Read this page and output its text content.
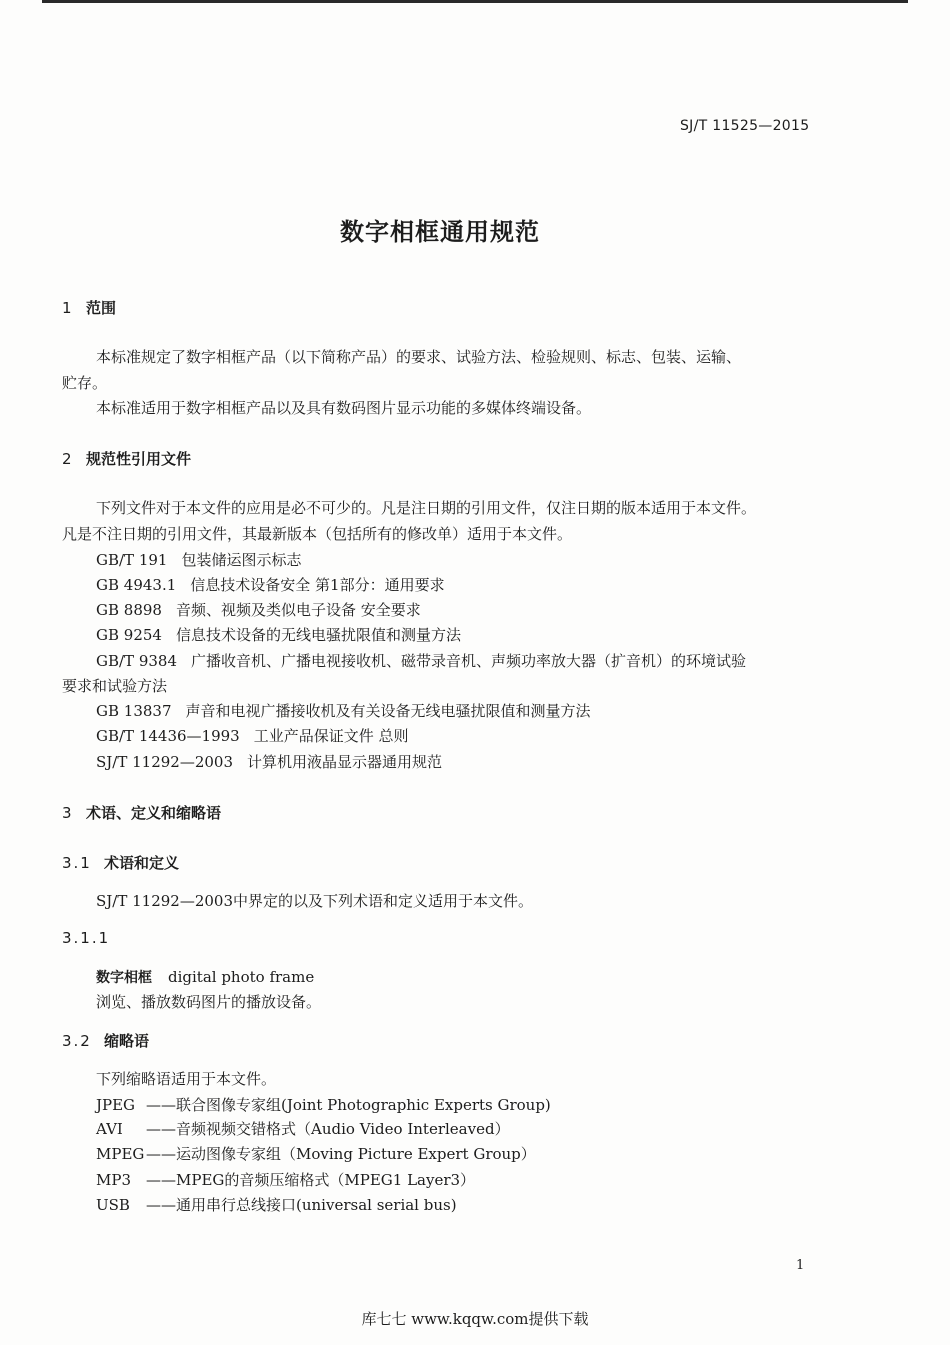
SJ/T 11525—2015
数字相框通用规范
1 范围
本标准规定了数字相框产品（以下简称产品）的要求、试验方法、检验规则、标志、包装、运输、
贮存。
本标准适用于数字相框产品以及具有数码图片显示功能的多媒体终端设备。
2 规范性引用文件
下列文件对于本文件的应用是必不可少的。凡是注日期的引用文件，仅注日期的版本适用于本文件。
凡是不注日期的引用文件，其最新版本（包括所有的修改单）适用于本文件。
GB/T 191 包装储运图示标志
GB 4943.1 信息技术设备安全 第1部分：通用要求
GB 8898 音频、视频及类似电子设备 安全要求
GB 9254 信息技术设备的无线电骚扰限值和测量方法
GB/T 9384 广播收音机、广播电视接收机、磁带录音机、声频功率放大器（扩音机）的环境试验
要求和试验方法
GB 13837 声音和电视广播接收机及有关设备无线电骚扰限值和测量方法
GB/T 14436—1993 工业产品保证文件 总则
SJ/T 11292—2003 计算机用液晶显示器通用规范
3 术语、定义和缩略语
3.1 术语和定义
SJ/T 11292—2003中界定的以及下列术语和定义适用于本文件。
3.1.1
数字相框 digital photo frame
浏览、播放数码图片的播放设备。
3.2 缩略语
下列缩略语适用于本文件。
JPEG ——联合图像专家组(Joint Photographic Experts Group)
AVI ——音频视频交错格式（Audio Video Interleaved）
MPEG ——运动图像专家组（Moving Picture Expert Group）
MP3 ——MPEG的音频压缩格式（MPEG1 Layer3）
USB ——通用串行总线接口(universal serial bus)
1
库七七 www.kqqw.com提供下载
